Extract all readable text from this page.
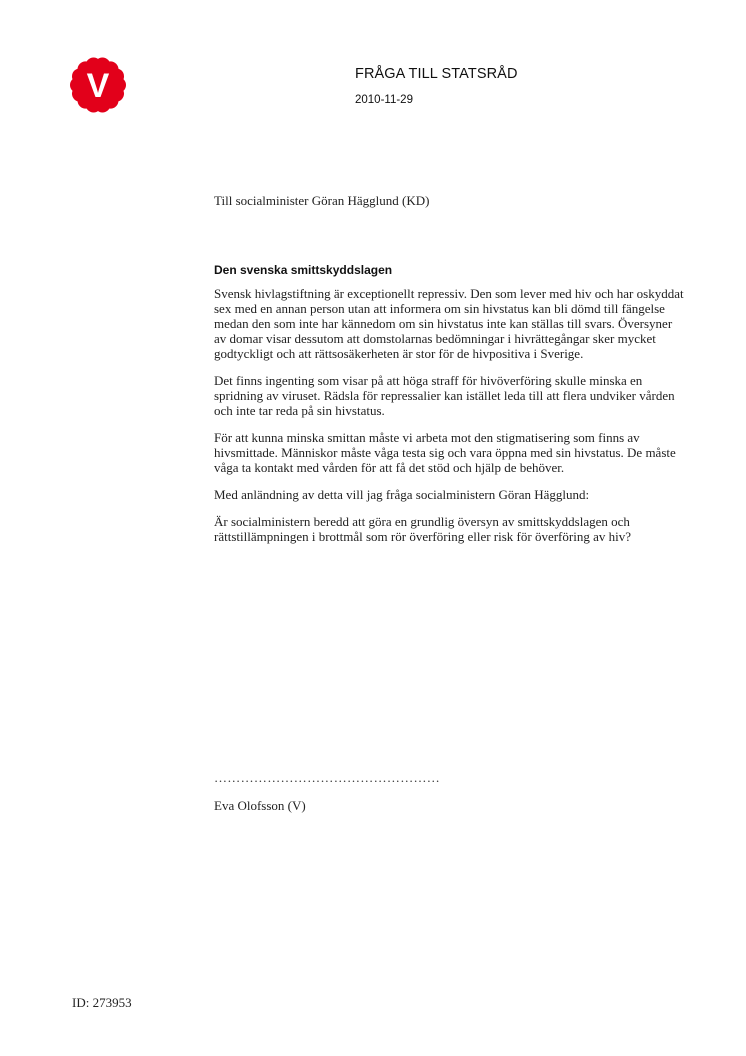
V	FRÅGA TILL STATSRÅD
2010-11-29
Till socialminister Göran Hägglund (KD)
Den svenska smittskyddslagen

Svensk hivlagstiftning är exceptionellt repressiv. Den som lever med hiv och har oskyddat sex med en annan person utan att informera om sin hivstatus kan bli dömd till fängelse medan den som inte har kännedom om sin hivstatus inte kan ställas till svars. Översyner av domar visar dessutom att domstolarnas bedömningar i hivrättegångar sker mycket godtyckligt och att rättsosäkerheten är stor för de hivpositiva i Sverige.

Det finns ingenting som visar på att höga straff för hivöverföring skulle minska en spridning av viruset. Rädsla för repressalier kan istället leda till att flera undviker vården och inte tar reda på sin hivstatus.

För att kunna minska smittan måste vi arbeta mot den stigmatisering som finns av hivsmittade. Människor måste våga testa sig och vara öppna med sin hivstatus. De måste våga ta kontakt med vården för att få det stöd och hjälp de behöver.

Med anländning av detta vill jag fråga socialministern Göran Hägglund:

Är socialministern beredd att göra en grundlig översyn av smittskyddslagen och rättstillämpningen i brottmål som rör överföring eller risk för överföring av hiv?

……………………………………………
Eva Olofsson (V)
ID: 273953
